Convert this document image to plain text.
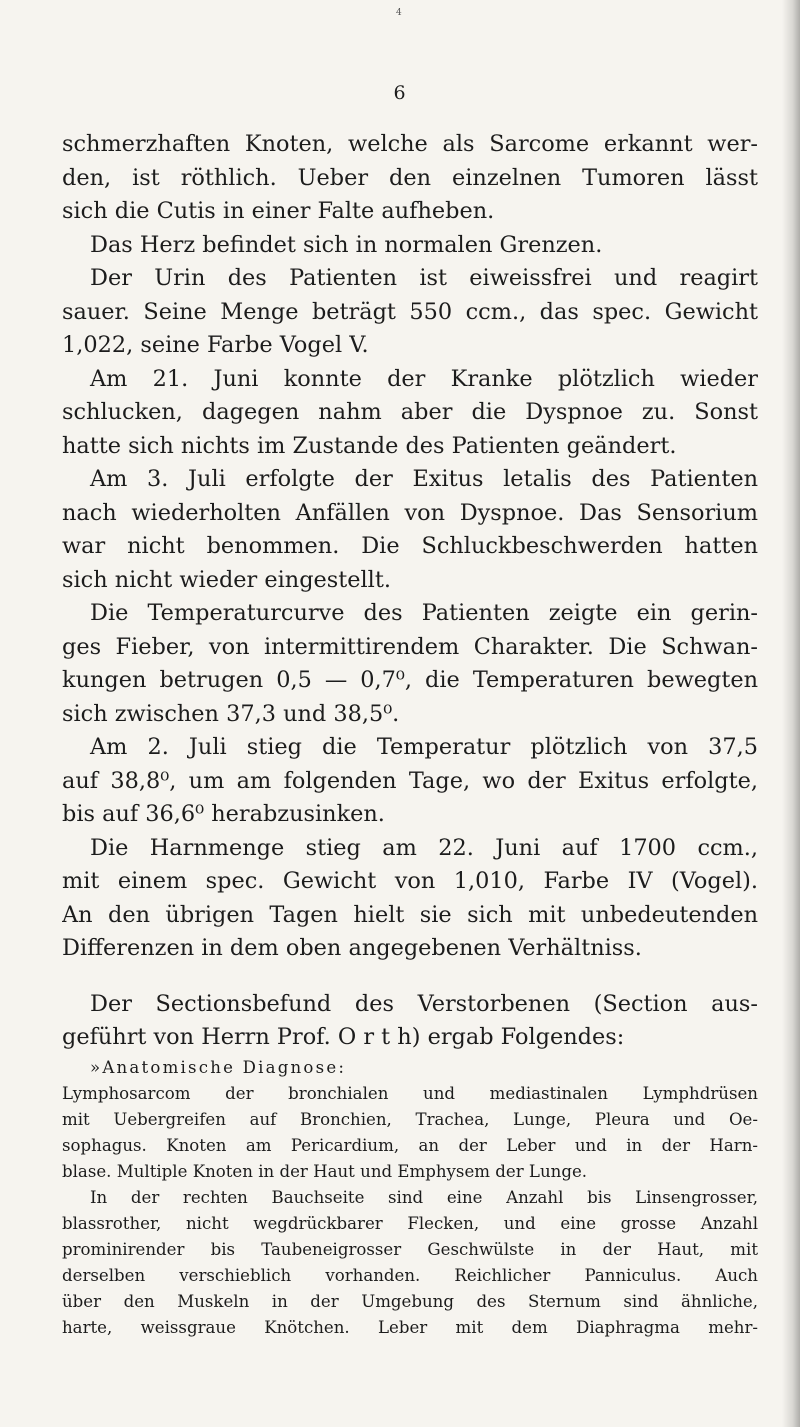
4
6
schmerzhaften Knoten, welche als Sarcome erkannt wer-
den, ist röthlich. Ueber den einzelnen Tumoren lässt
sich die Cutis in einer Falte aufheben.
Das Herz befindet sich in normalen Grenzen.
Der Urin des Patienten ist eiweissfrei und reagirt
sauer. Seine Menge beträgt 550 ccm., das spec. Gewicht
1,022, seine Farbe Vogel V.
Am 21. Juni konnte der Kranke plötzlich wieder
schlucken, dagegen nahm aber die Dyspnoe zu. Sonst
hatte sich nichts im Zustande des Patienten geändert.
Am 3. Juli erfolgte der Exitus letalis des Patienten
nach wiederholten Anfällen von Dyspnoe. Das Sensorium
war nicht benommen. Die Schluckbeschwerden hatten
sich nicht wieder eingestellt.
Die Temperaturcurve des Patienten zeigte ein gerin-
ges Fieber, von intermittirendem Charakter. Die Schwan-
kungen betrugen 0,5 — 0,7⁰, die Temperaturen bewegten
sich zwischen 37,3 und 38,5⁰.
Am 2. Juli stieg die Temperatur plötzlich von 37,5
auf 38,8⁰, um am folgenden Tage, wo der Exitus erfolgte,
bis auf 36,6⁰ herabzusinken.
Die Harnmenge stieg am 22. Juni auf 1700 ccm.,
mit einem spec. Gewicht von 1,010, Farbe IV (Vogel).
An den übrigen Tagen hielt sie sich mit unbedeutenden
Differenzen in dem oben angegebenen Verhältniss.
Der Sectionsbefund des Verstorbenen (Section aus-
geführt von Herrn Prof. O r t h) ergab Folgendes:
»Anatomische Diagnose:
Lymphosarcom der bronchialen und mediastinalen Lymphdrüsen
mit Uebergreifen auf Bronchien, Trachea, Lunge, Pleura und Oe-
sophagus. Knoten am Pericardium, an der Leber und in der Harn-
blase. Multiple Knoten in der Haut und Emphysem der Lunge.
In der rechten Bauchseite sind eine Anzahl bis Linsengrosser,
blassrother, nicht wegdrückbarer Flecken, und eine grosse Anzahl
prominirender bis Taubeneigrosser Geschwülste in der Haut, mit
derselben verschieblich vorhanden. Reichlicher Panniculus. Auch
über den Muskeln in der Umgebung des Sternum sind ähnliche,
harte, weissgraue Knötchen. Leber mit dem Diaphragma mehr-
